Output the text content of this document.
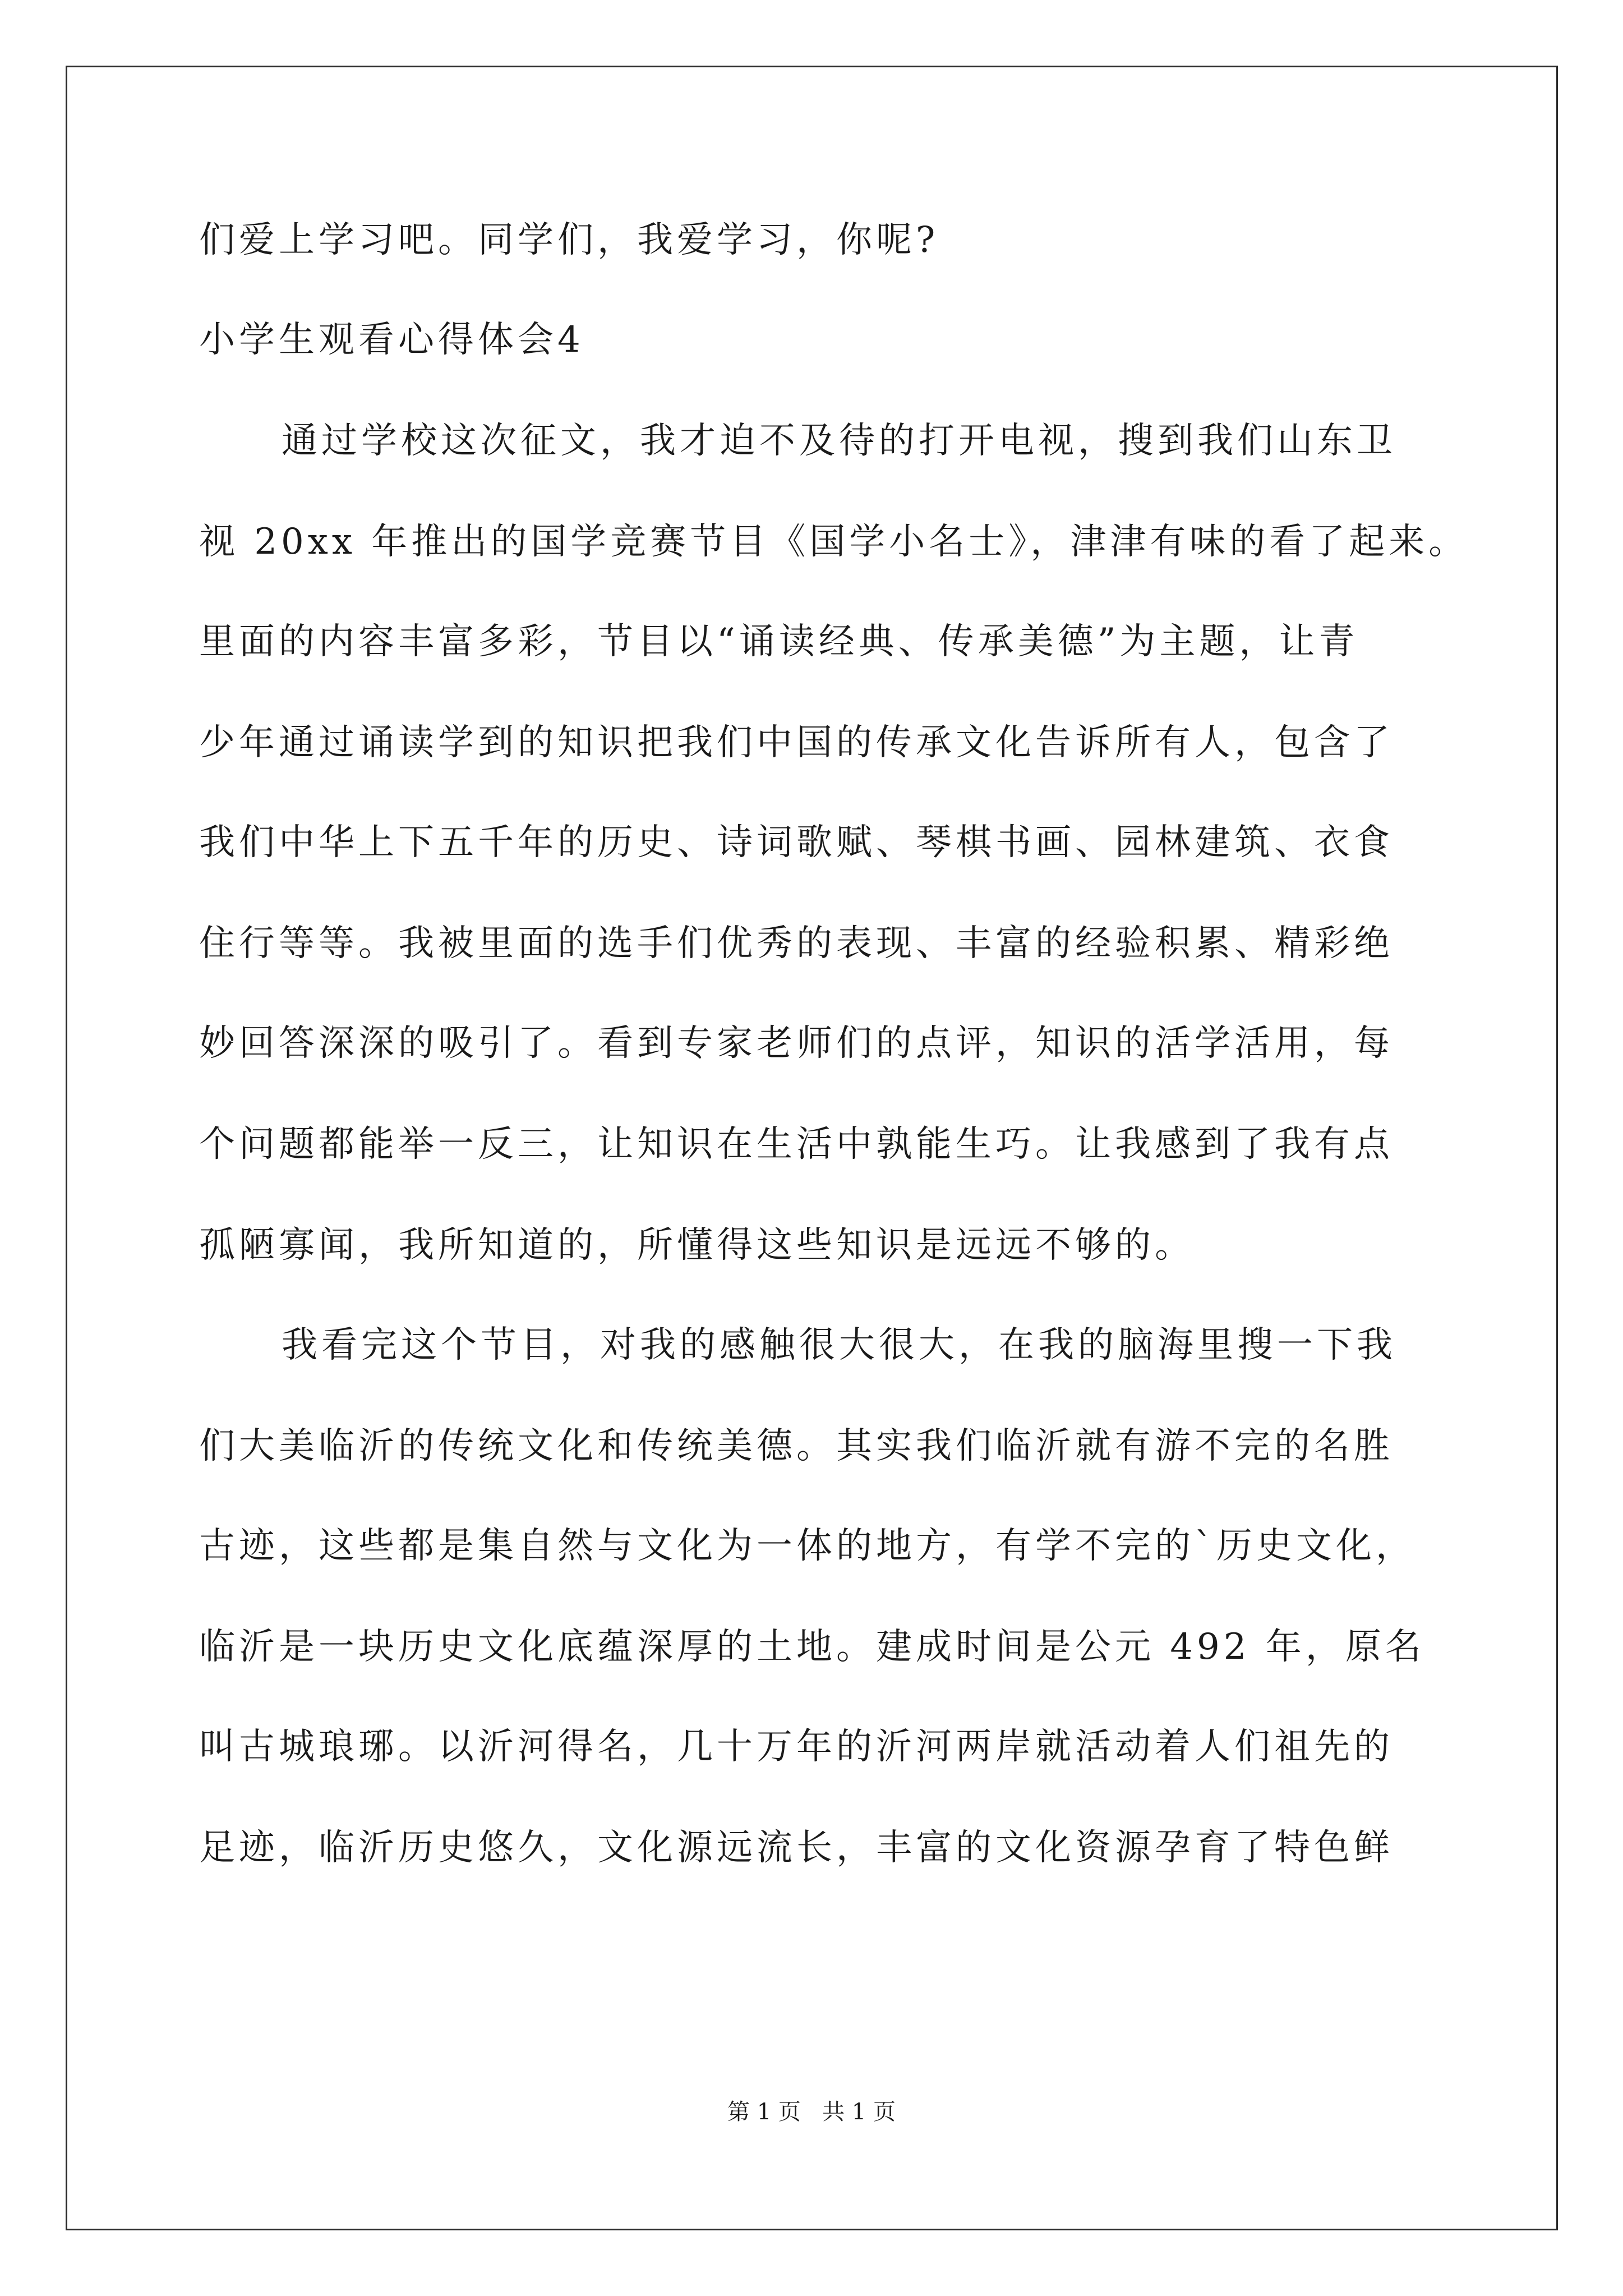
们爱上学习吧。同学们，我爱学习，你呢?

小学生观看心得体会4

通过学校这次征文，我才迫不及待的打开电视，搜到我们山东卫

视 20xx 年推出的国学竞赛节目《国学小名士》，津津有味的看了起来。

里面的内容丰富多彩，节目以“诵读经典、传承美德”为主题，让青

少年通过诵读学到的知识把我们中国的传承文化告诉所有人，包含了

我们中华上下五千年的历史、诗词歌赋、琴棋书画、园林建筑、衣食

住行等等。我被里面的选手们优秀的表现、丰富的经验积累、精彩绝

妙回答深深的吸引了。看到专家老师们的点评，知识的活学活用，每

个问题都能举一反三，让知识在生活中孰能生巧。让我感到了我有点

孤陋寡闻，我所知道的，所懂得这些知识是远远不够的。

我看完这个节目，对我的感触很大很大，在我的脑海里搜一下我

们大美临沂的传统文化和传统美德。其实我们临沂就有游不完的名胜

古迹，这些都是集自然与文化为一体的地方，有学不完的`历史文化，

临沂是一块历史文化底蕴深厚的土地。建成时间是公元 492 年，原名

叫古城琅琊。以沂河得名，几十万年的沂河两岸就活动着人们祖先的

足迹，临沂历史悠久，文化源远流长，丰富的文化资源孕育了特色鲜

第 1 页   共 1 页
